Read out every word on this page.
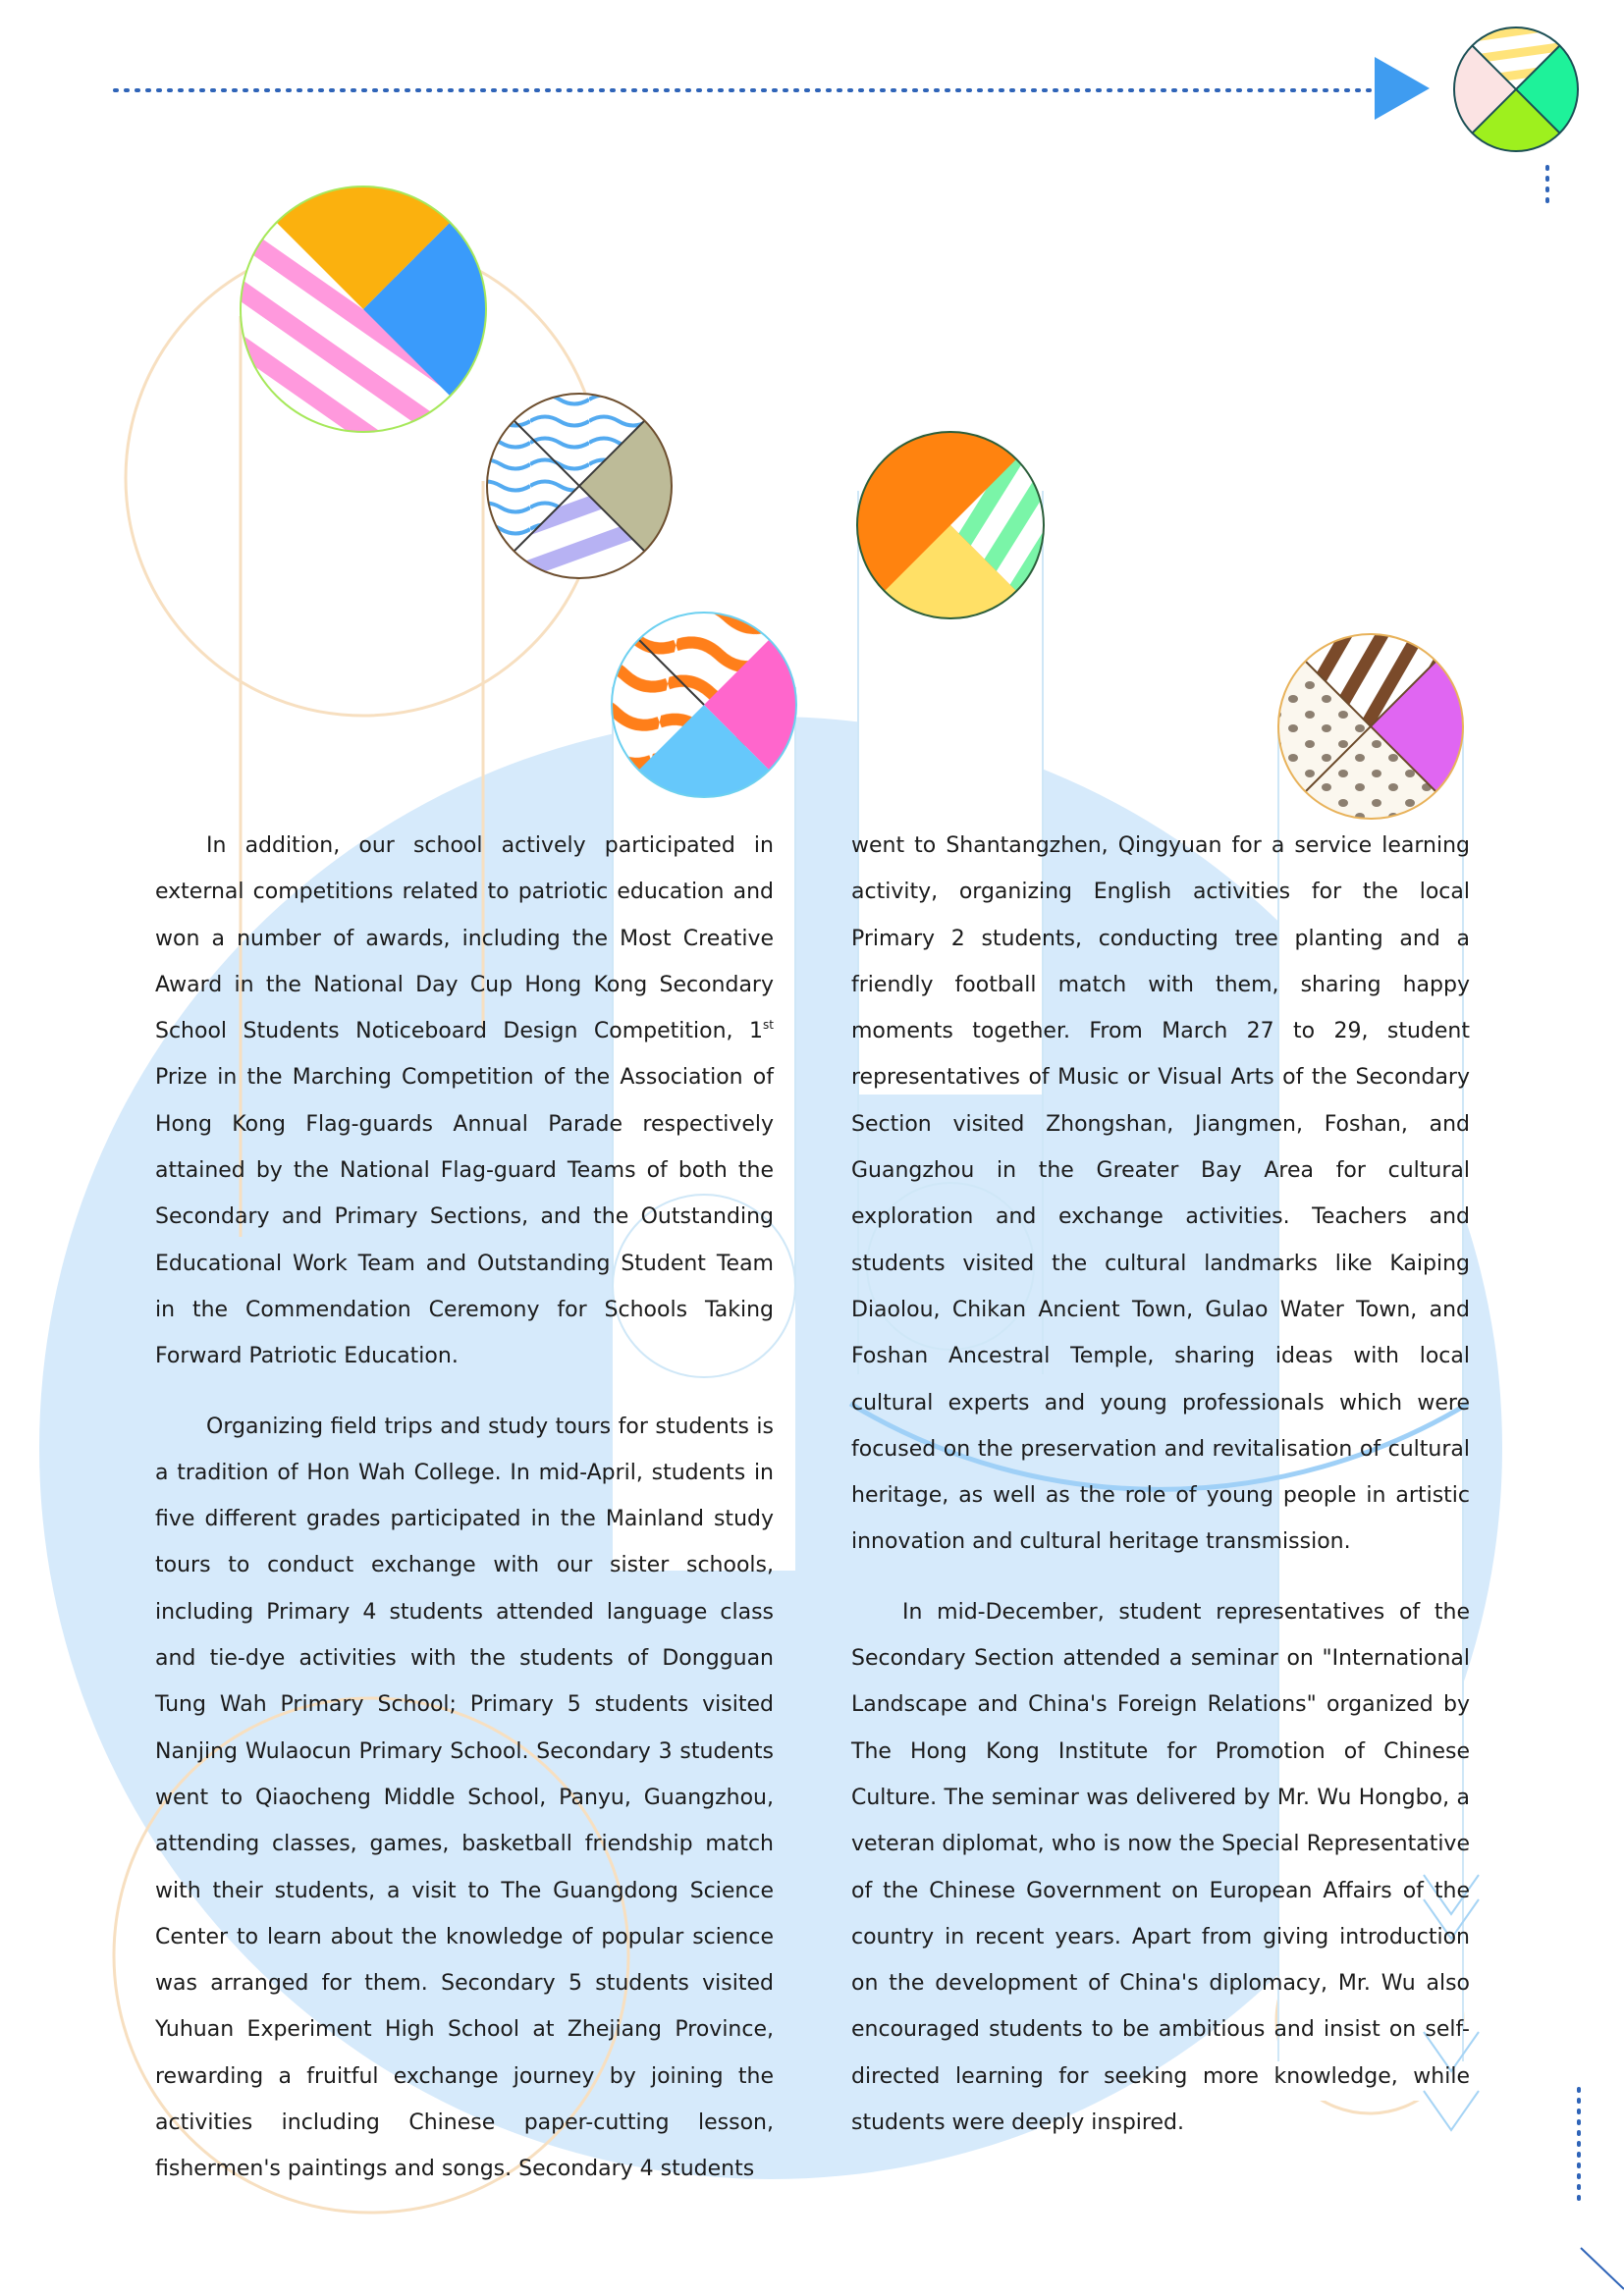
In addition, our school actively participated in external competitions related to patriotic education and won a number of awards, including the Most Creative Award in the National Day Cup Hong Kong Secondary School Students Noticeboard Design Competition, 1st Prize in the Marching Competition of the Association of Hong Kong Flag-guards Annual Parade respectively attained by the National Flag-guard Teams of both the Secondary and Primary Sections, and the Outstanding Educational Work Team and Outstanding Student Team in the Commendation Ceremony for Schools Taking Forward Patriotic Education.

Organizing field trips and study tours for students is a tradition of Hon Wah College. In mid-April, students in five different grades participated in the Mainland study tours to conduct exchange with our sister schools, including Primary 4 students attended language class and tie-dye activities with the students of Dongguan Tung Wah Primary School; Primary 5 students visited Nanjing Wulaocun Primary School. Secondary 3 students went to Qiaocheng Middle School, Panyu, Guangzhou, attending classes, games, basketball friendship match with their students, a visit to The Guangdong Science Center to learn about the knowledge of popular science was arranged for them. Secondary 5 students visited Yuhuan Experiment High School at Zhejiang Province, rewarding a fruitful exchange journey by joining the activities including Chinese paper-cutting lesson, fishermen's paintings and songs. Secondary 4 students

went to Shantangzhen, Qingyuan for a service learning activity, organizing English activities for the local Primary 2 students, conducting tree planting and a friendly football match with them, sharing happy moments together. From March 27 to 29, student representatives of Music or Visual Arts of the Secondary Section visited Zhongshan, Jiangmen, Foshan, and Guangzhou in the Greater Bay Area for cultural exploration and exchange activities. Teachers and students visited the cultural landmarks like Kaiping Diaolou, Chikan Ancient Town, Gulao Water Town, and Foshan Ancestral Temple, sharing ideas with local cultural experts and young professionals which were focused on the preservation and revitalisation of cultural heritage, as well as the role of young people in artistic innovation and cultural heritage transmission.

In mid-December, student representatives of the Secondary Section attended a seminar on "International Landscape and China's Foreign Relations" organized by The Hong Kong Institute for Promotion of Chinese Culture. The seminar was delivered by Mr. Wu Hongbo, a veteran diplomat, who is now the Special Representative of the Chinese Government on European Affairs of the country in recent years. Apart from giving introduction on the development of China's diplomacy, Mr. Wu also encouraged students to be ambitious and insist on self-directed learning for seeking more knowledge, while students were deeply inspired.
